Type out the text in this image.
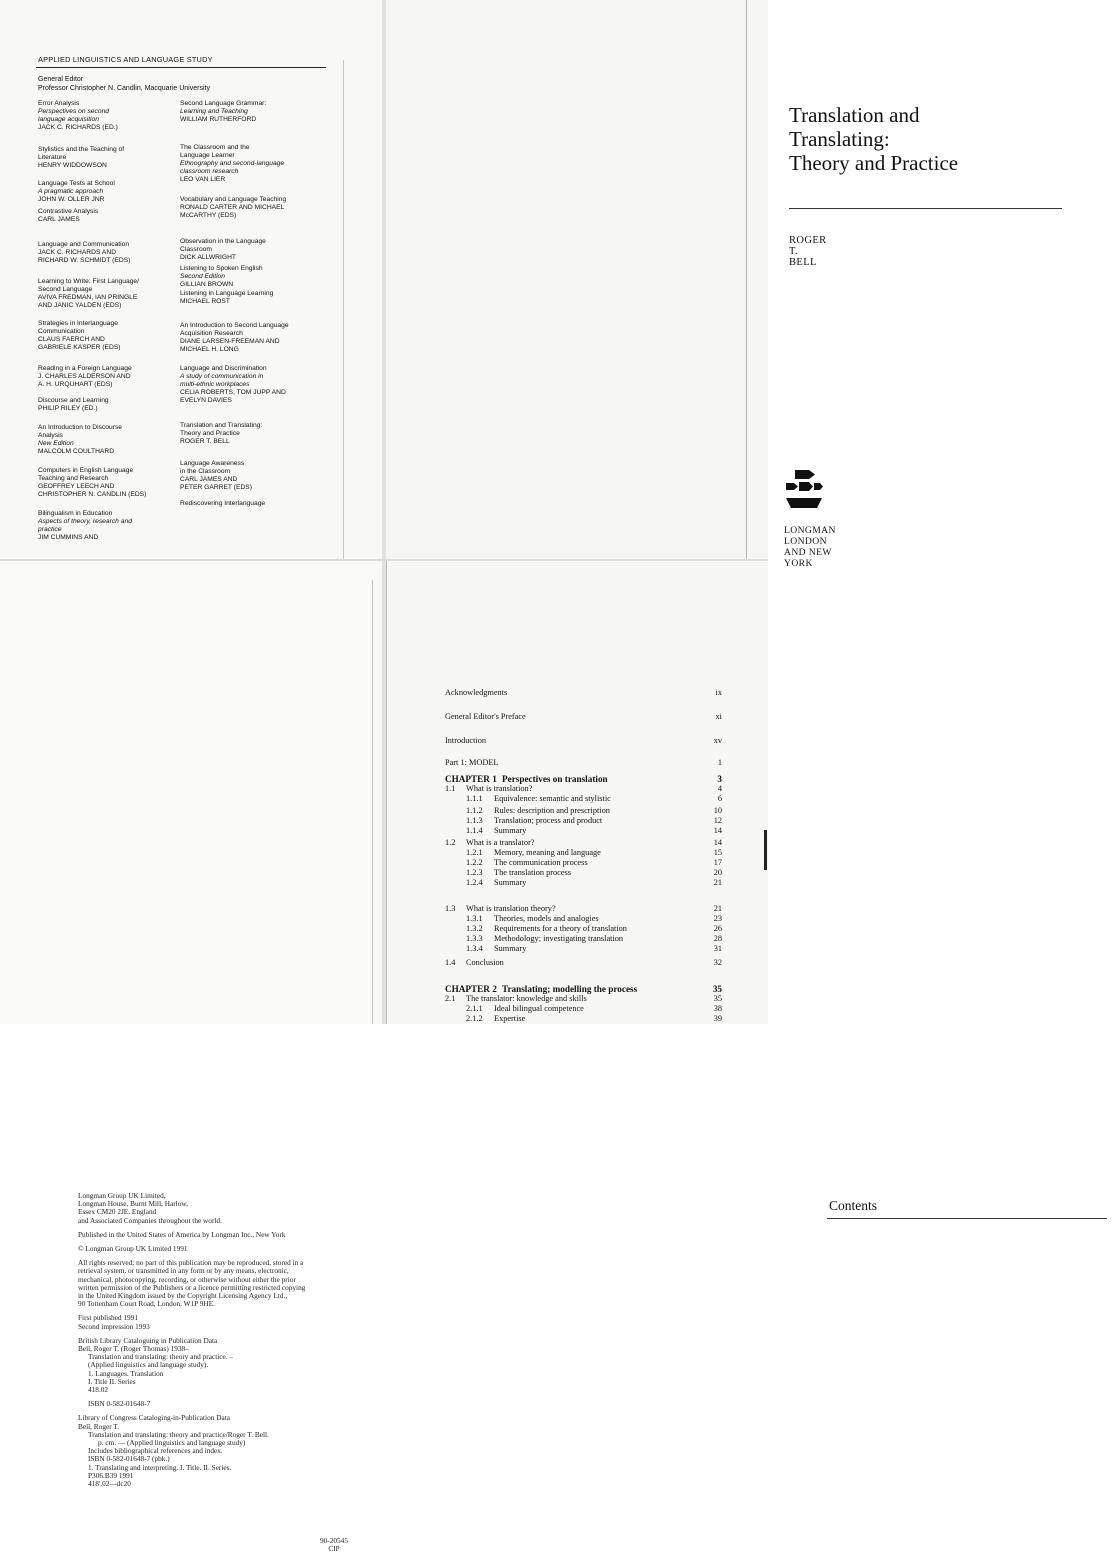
APPLIED LINGUISTICS AND LANGUAGE STUDY
General Editor
Professor Christopher N. Candlin, Macquarie University
Error Analysis
Perspectives on second
language acquisition
JACK C. RICHARDS (ED.)
Stylistics and the Teaching of
Literature
HENRY WIDDOWSON
Language Tests at School
A pragmatic approach
JOHN W. OLLER JNR
Contrastive Analysis
CARL JAMES
Language and Communication
JACK C. RICHARDS AND
RICHARD W. SCHMIDT (EDS)
Learning to Write: First Language/
Second Language
AVIVA FREDMAN, IAN PRINGLE
AND JANIC YALDEN (EDS)
Strategies in Interlanguage
Communication
CLAUS FAERCH AND
GABRIELE KASPER (EDS)
Reading in a Foreign Language
J. CHARLES ALDERSON AND
A. H. URQUHART (EDS)
Discourse and Learning
PHILIP RILEY (ED.)
An Introduction to Discourse
Analysis
New Edition
MALCOLM COULTHARD
Computers in English Language
Teaching and Research
GEOFFREY LEECH AND
CHRISTOPHER N. CANDLIN (EDS)
Bilingualism in Education
Aspects of theory, research and
practice
JIM CUMMINS AND
Second Language Grammar:
Learning and Teaching
WILLIAM RUTHERFORD
The Classroom and the
Language Learner
Ethnography and second-language
classroom research
LEO VAN LIER
Vocabulary and Language Teaching
RONALD CARTER AND MICHAEL
McCARTHY (EDS)
Observation in the Language
Classroom
DICK ALLWRIGHT
Listening to Spoken English
Second Edition
GILLIAN BROWN
Listening in Language Learning
MICHAEL ROST
An Introduction to Second Language
Acquisition Research
DIANE LARSEN-FREEMAN AND
MICHAEL H. LONG
Language and Discrimination
A study of communication in
multi-ethnic workplaces
CELIA ROBERTS, TOM JUPP AND
EVELYN DAVIES
Translation and Translating:
Theory and Practice
ROGER T. BELL
Language Awareness
in the Classroom
CARL JAMES AND
PETER GARRET (EDS)
Rediscovering Interlanguage
Translation and
Translating:
Theory and Practice
ROGER T. BELL
LONGMAN
LONDON AND NEW YORK
Longman Group UK Limited,
Longman House, Burnt Mill, Harlow,
Essex CM20 2JE, England
and Associated Companies throughout the world.
Published in the United States of America by Longman Inc., New York
© Longman Group UK Limited 1991
All rights reserved; no part of this publication may be reproduced, stored in a
retrieval system, or transmitted in any form or by any means, electronic,
mechanical, photocopying, recording, or otherwise without either the prior
written permission of the Publishers or a licence permitting restricted copying
in the United Kingdom issued by the Copyright Licensing Agency Ltd.,
90 Tottenham Court Road, London, W1P 9HE.
First published 1991
Second impression 1993
British Library Cataloguing in Publication Data
Bell, Roger T. (Roger Thomas) 1938–
Translation and translating: theory and practice. –
(Applied linguistics and language study).
1. Languages. Translation
I. Title II. Series
418.02
ISBN 0-582-01648-7
Library of Congress Cataloging-in-Publication Data
Bell, Roger T.
Translation and translating: theory and practice/Roger T. Bell.
p. cm. — (Applied linguistics and language study)
Includes bibliographical references and index.
ISBN 0-582-01648-7 (pbk.)
1. Translating and interpreting. I. Title. II. Series.
P306.B39 1991
418'.02—dc20
90-20545
CIP
Contents
Acknowledgments	ix
General Editor's Preface	xi
Introduction	xv
Part 1: MODEL	1
CHAPTER 1 Perspectives on translation	3
1.1 What is translation?	4
1.1.1 Equivalence: semantic and stylistic	6
1.1.2 Rules: description and prescription	10
1.1.3 Translation; process and product	12
1.1.4 Summary	14
1.2 What is a translator?	14
1.2.1 Memory, meaning and language	15
1.2.2 The communication process	17
1.2.3 The translation process	20
1.2.4 Summary	21
1.3 What is translation theory?	21
1.3.1 Theories, models and analogies	23
1.3.2 Requirements for a theory of translation	26
1.3.3 Methodology; investigating translation	28
1.3.4 Summary	31
1.4 Conclusion	32
CHAPTER 2 Translating; modelling the process	35
2.1 The translator: knowledge and skills	35
2.1.1 Ideal bilingual competence	38
2.1.2 Expertise	39
